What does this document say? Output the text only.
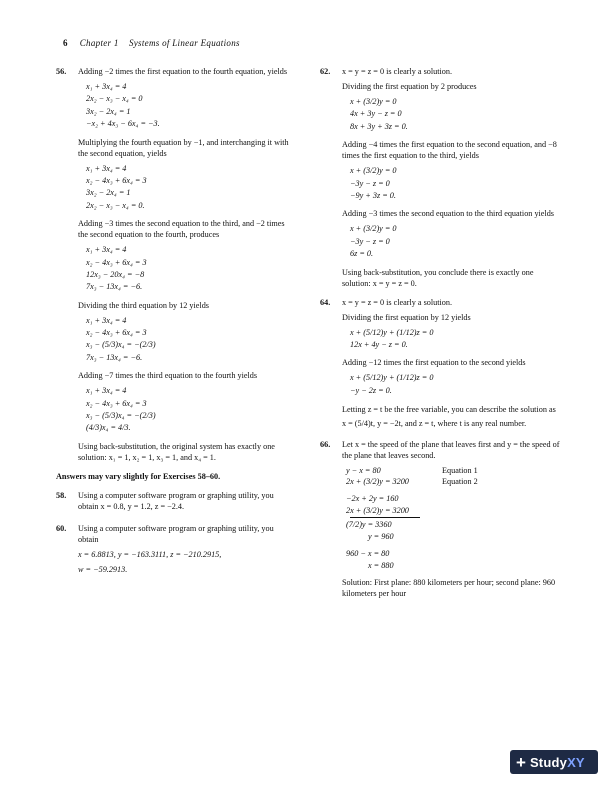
6 Chapter 1 Systems of Linear Equations
56. Adding −2 times the first equation to the fourth equation, yields

x₁ + 3x₄ = 4
2x₂ − x₃ − x₄ = 0
3x₂ − 2x₄ = 1
−x₂ + 4x₃ − 6x₄ = −3.

Multiplying the fourth equation by −1, and interchanging it with the second equation, yields

x₁ + 3x₄ = 4
x₂ − 4x₃ + 6x₄ = 3
3x₂ − 2x₄ = 1
2x₂ − x₃ − x₄ = 0.

Adding −3 times the second equation to the third, and −2 times the second equation to the fourth, produces

x₁ + 3x₄ = 4
x₂ − 4x₃ + 6x₄ = 3
12x₃ − 20x₄ = −8
7x₃ − 13x₄ = −6.

Dividing the third equation by 12 yields

x₁ + 3x₄ = 4
x₂ − 4x₃ + 6x₄ = 3
x₃ − (5/3)x₄ = −(2/3)
7x₃ − 13x₄ = −6.

Adding −7 times the third equation to the fourth yields

x₁ + 3x₄ = 4
x₂ − 4x₃ + 6x₄ = 3
x₃ − (5/3)x₄ = −(2/3)
(4/3)x₄ = 4/3.

Using back-substitution, the original system has exactly one solution: x₁ = 1, x₂ = 1, x₃ = 1, and x₄ = 1.

Answers may vary slightly for Exercises 58–60.
58. Using a computer software program or graphing utility, you obtain x = 0.8, y = 1.2, z = −2.4.

60. Using a computer software program or graphing utility, you obtain

x = 6.8813, y = −163.3111, z = −210.2915,

w = −59.2913.

62. x = y = z = 0 is clearly a solution.

Dividing the first equation by 2 produces

x + (3/2)y = 0
4x + 3y − z = 0
8x + 3y + 3z = 0.

Adding −4 times the first equation to the second equation, and −8 times the first equation to the third, yields

x + (3/2)y = 0
−3y − z = 0
−9y + 3z = 0.

Adding −3 times the second equation to the third equation yields

x + (3/2)y = 0
−3y − z = 0
6z = 0.

Using back-substitution, you conclude there is exactly one solution: x = y = z = 0.

64. x = y = z = 0 is clearly a solution.

Dividing the first equation by 12 yields

x + (5/12)y + (1/12)z = 0
12x + 4y − z = 0.

Adding −12 times the first equation to the second yields

x + (5/12)y + (1/12)z = 0
−y − 2z = 0.

Letting z = t be the free variable, you can describe the solution as x = (5/4)t, y = −2t, and z = t, where t is any real number.

66. Let x = the speed of the plane that leaves first and y = the speed of the plane that leaves second.

y − x = 80	Equation 1
2x + (3/2)y = 3200	Equation 2
−2x + 2y = 160
2x + (3/2)y = 3200
(7/2)y = 3360
y = 960
960 − x = 80
x = 880

Solution: First plane: 880 kilometers per hour; second plane: 960 kilometers per hour

+ StudyXY
